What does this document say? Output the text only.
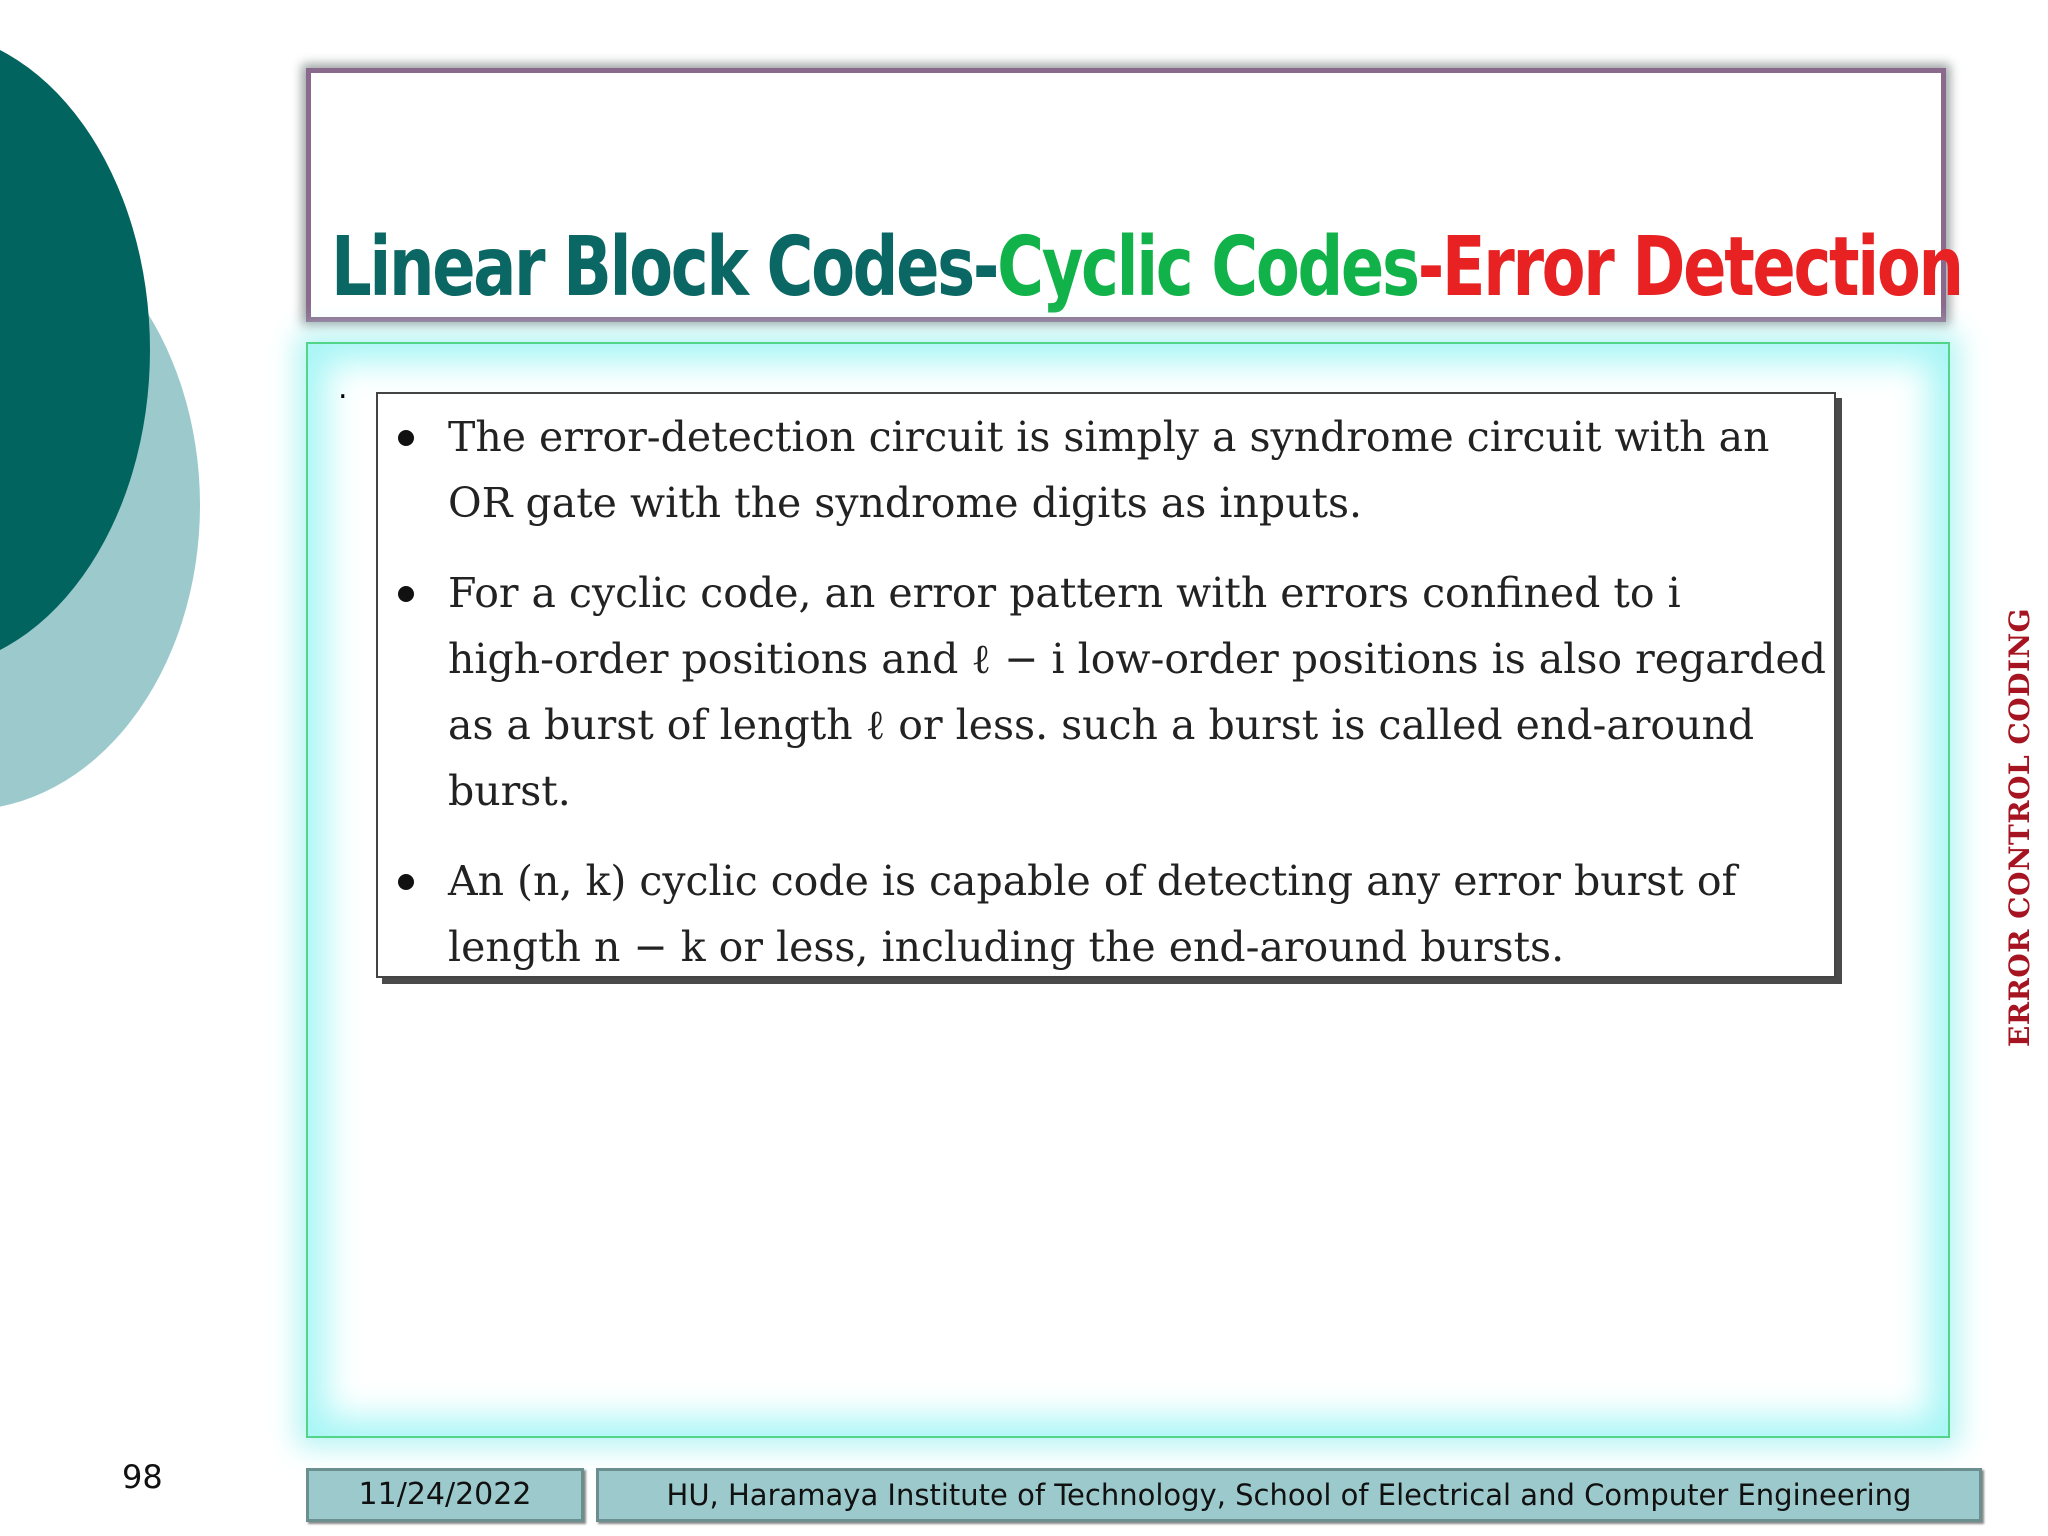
Linear Block Codes-Cyclic Codes-Error Detection
.
The error-detection circuit is simply a syndrome circuit with an
OR gate with the syndrome digits as inputs.
For a cyclic code, an error pattern with errors confined to i
high-order positions and ℓ − i low-order positions is also regarded
as a burst of length ℓ or less. such a burst is called end-around
burst.
An (n, k) cyclic code is capable of detecting any error burst of
length n − k or less, including the end-around bursts.	ERROR CONTROL CODING
98	11/24/2022	HU, Haramaya Institute of Technology, School of Electrical and Computer Engineering
